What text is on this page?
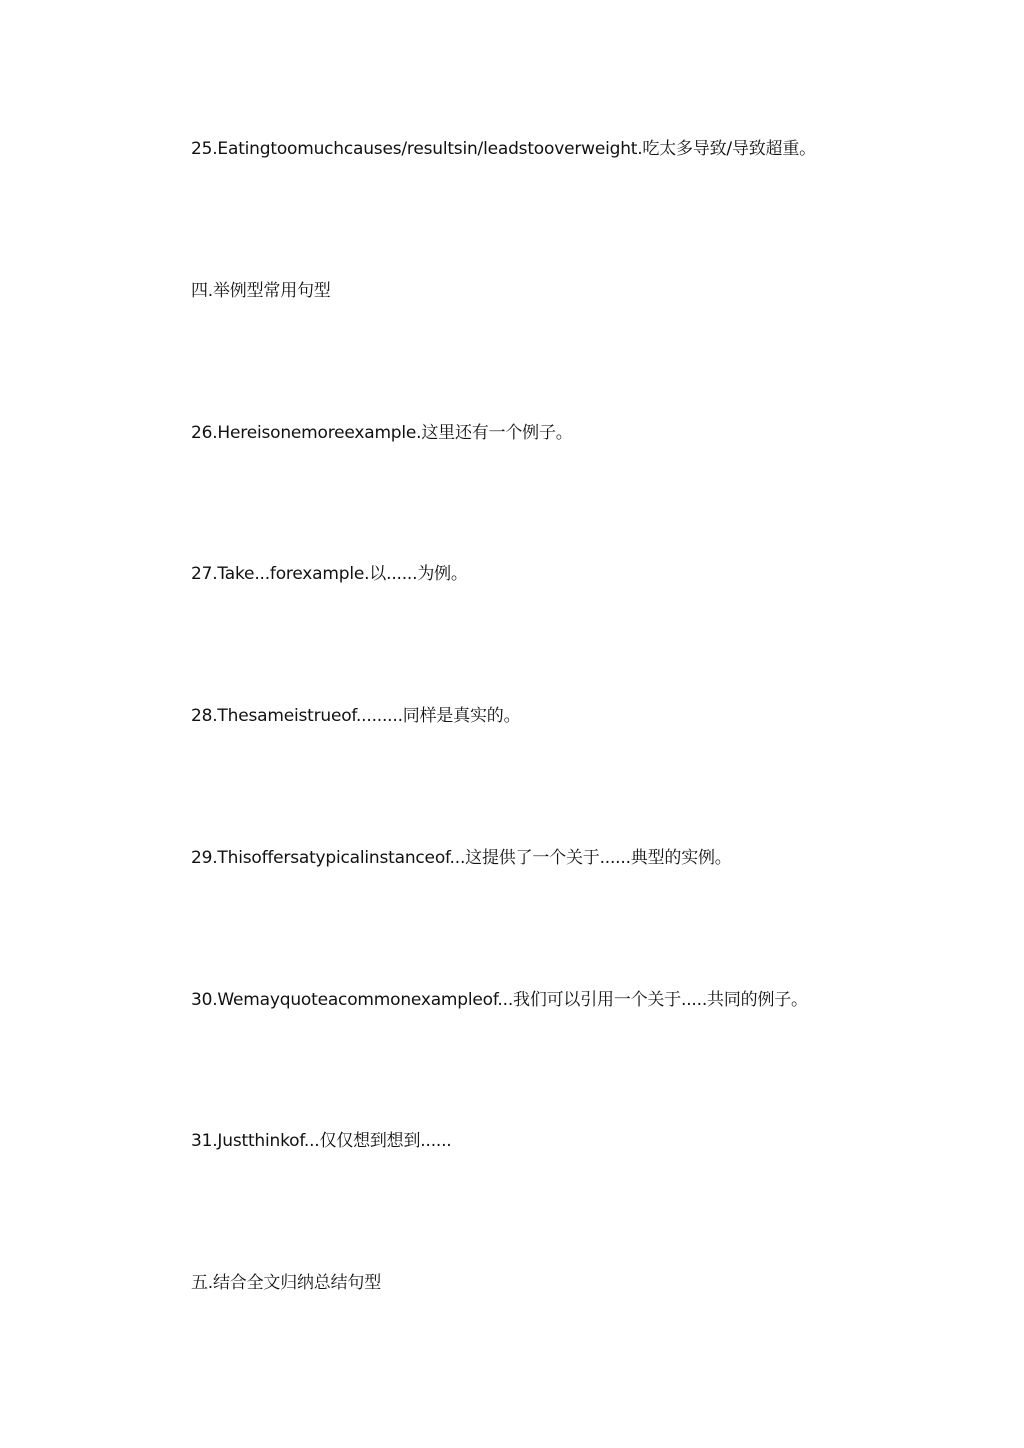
25.Eatingtoomuchcauses/resultsin/leadstooverweight.吃太多导致/导致超重。
四.举例型常用句型
26.Hereisonemoreexample.这里还有一个例子。
27.Take...forexample.以......为例。
28.Thesameistrueof.........同样是真实的。
29.Thisoffersatypicalinstanceof...这提供了一个关于......典型的实例。
30.Wemayquoteacommonexampleof...我们可以引用一个关于.....共同的例子。
31.Justthinkof...仅仅想到想到......
五.结合全文归纳总结句型
